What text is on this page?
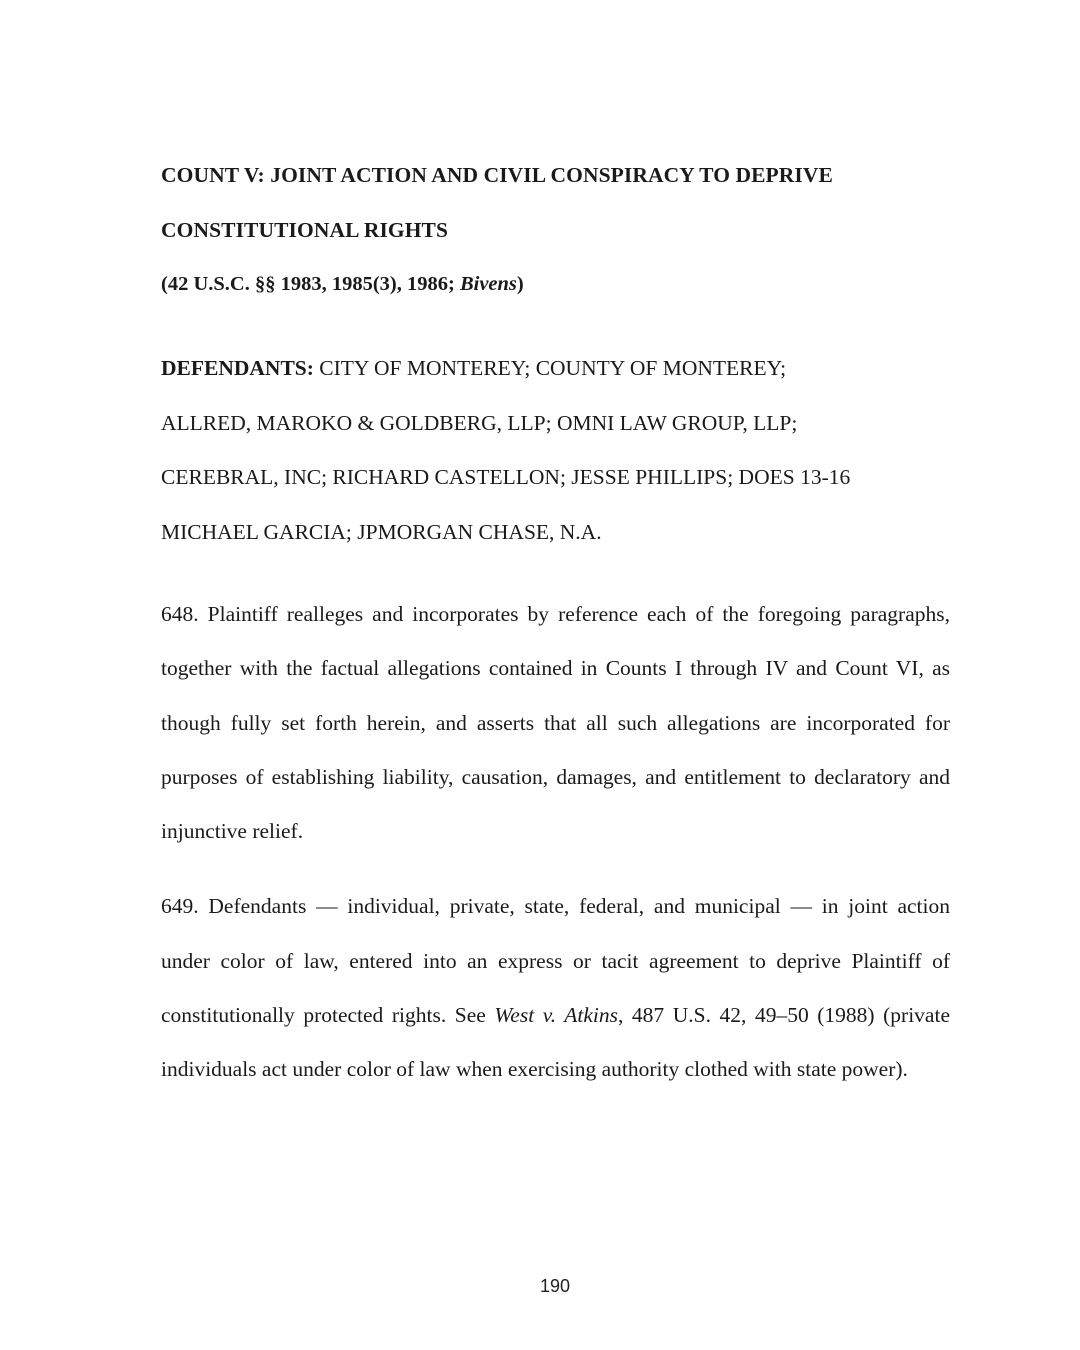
COUNT V: JOINT ACTION AND CIVIL CONSPIRACY TO DEPRIVE
CONSTITUTIONAL RIGHTS
(42 U.S.C. §§ 1983, 1985(3), 1986; Bivens)
DEFENDANTS: CITY OF MONTEREY; COUNTY OF MONTEREY;
ALLRED, MAROKO & GOLDBERG, LLP; OMNI LAW GROUP, LLP;
CEREBRAL, INC; RICHARD CASTELLON; JESSE PHILLIPS; DOES 13-16
MICHAEL GARCIA; JPMORGAN CHASE, N.A.

648. Plaintiff realleges and incorporates by reference each of the foregoing paragraphs, together with the factual allegations contained in Counts I through IV and Count VI, as though fully set forth herein, and asserts that all such allegations are incorporated for purposes of establishing liability, causation, damages, and entitlement to declaratory and injunctive relief.

649. Defendants — individual, private, state, federal, and municipal — in joint action under color of law, entered into an express or tacit agreement to deprive Plaintiff of constitutionally protected rights. See West v. Atkins, 487 U.S. 42, 49–50 (1988) (private individuals act under color of law when exercising authority clothed with state power).

190
